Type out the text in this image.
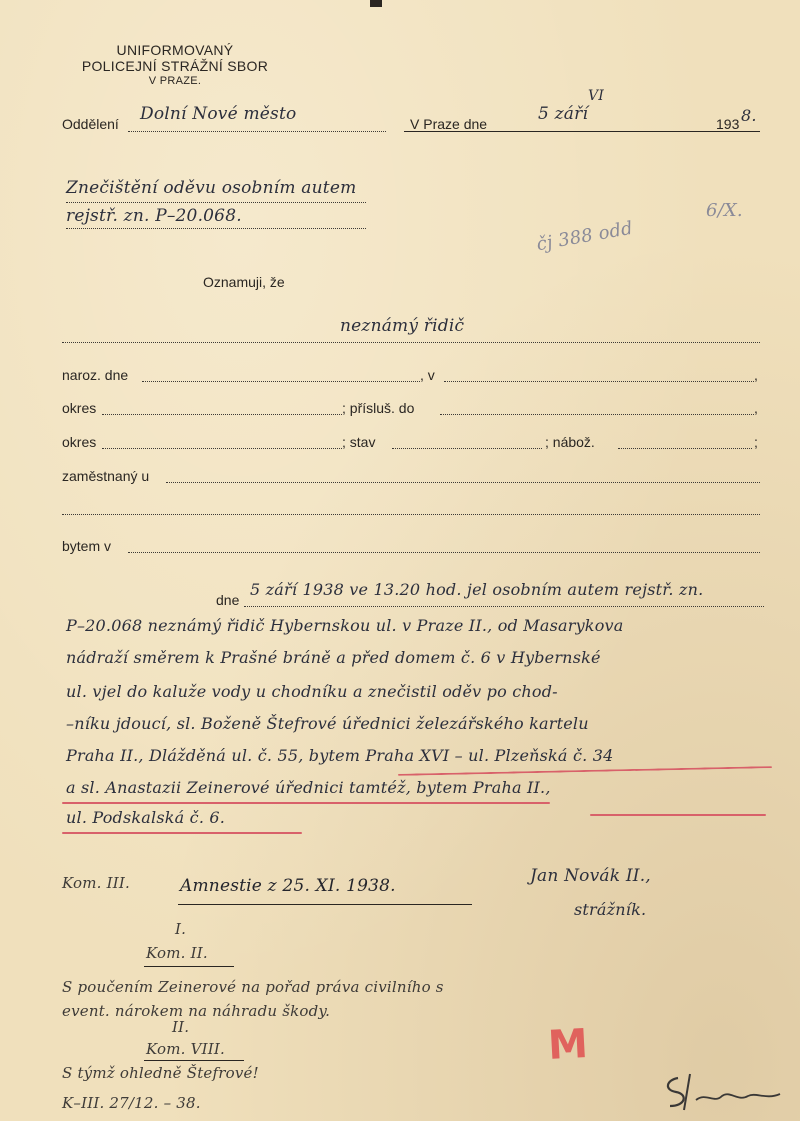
UNIFORMOVANÝ
POLICEJNÍ STRÁŽNÍ SBOR
V PRAZE.
Oddělení Dolní Nové město	V Praze dne	5 září
VI
193 8.
Znečištění oděvu osobním autem
rejstř. zn. P–20.068.
čj 388 odd
6/X.
Oznamuji, že
neznámý řidič
naroz. dne	, v	,
okres	; přísluš. do	,
okres	; stav	; nábož.	;
zaměstnaný u
bytem v
dne
5 září 1938 ve 13.20 hod. jel osobním autem rejstř. zn.
P–20.068 neznámý řidič Hybernskou ul. v Praze II., od Masarykova
nádraží směrem k Prašné bráně a před domem č. 6 v Hybernské
ul. vjel do kaluže vody u chodníku a znečistil oděv po chod-
–níku jdoucí, sl. Boženě Štefrové úřednici železářského kartelu
Praha II., Dlážděná ul. č. 55, bytem Praha XVI – ul. Plzeňská č. 34
a sl. Anastazii Zeinerové úřednici tamtéž, bytem Praha II.,
ul. Podskalská č. 6.
Kom. III.	Amnestie z 25. XI. 1938.	Jan Novák II.,
strážník.
I.
Kom. II.
S poučením Zeinerové na pořad práva civilního s
event. nárokem na náhradu škody.
II.
Kom. VIII.
S týmž ohledně Štefrové!
K–III. 27/12. – 38.
M
